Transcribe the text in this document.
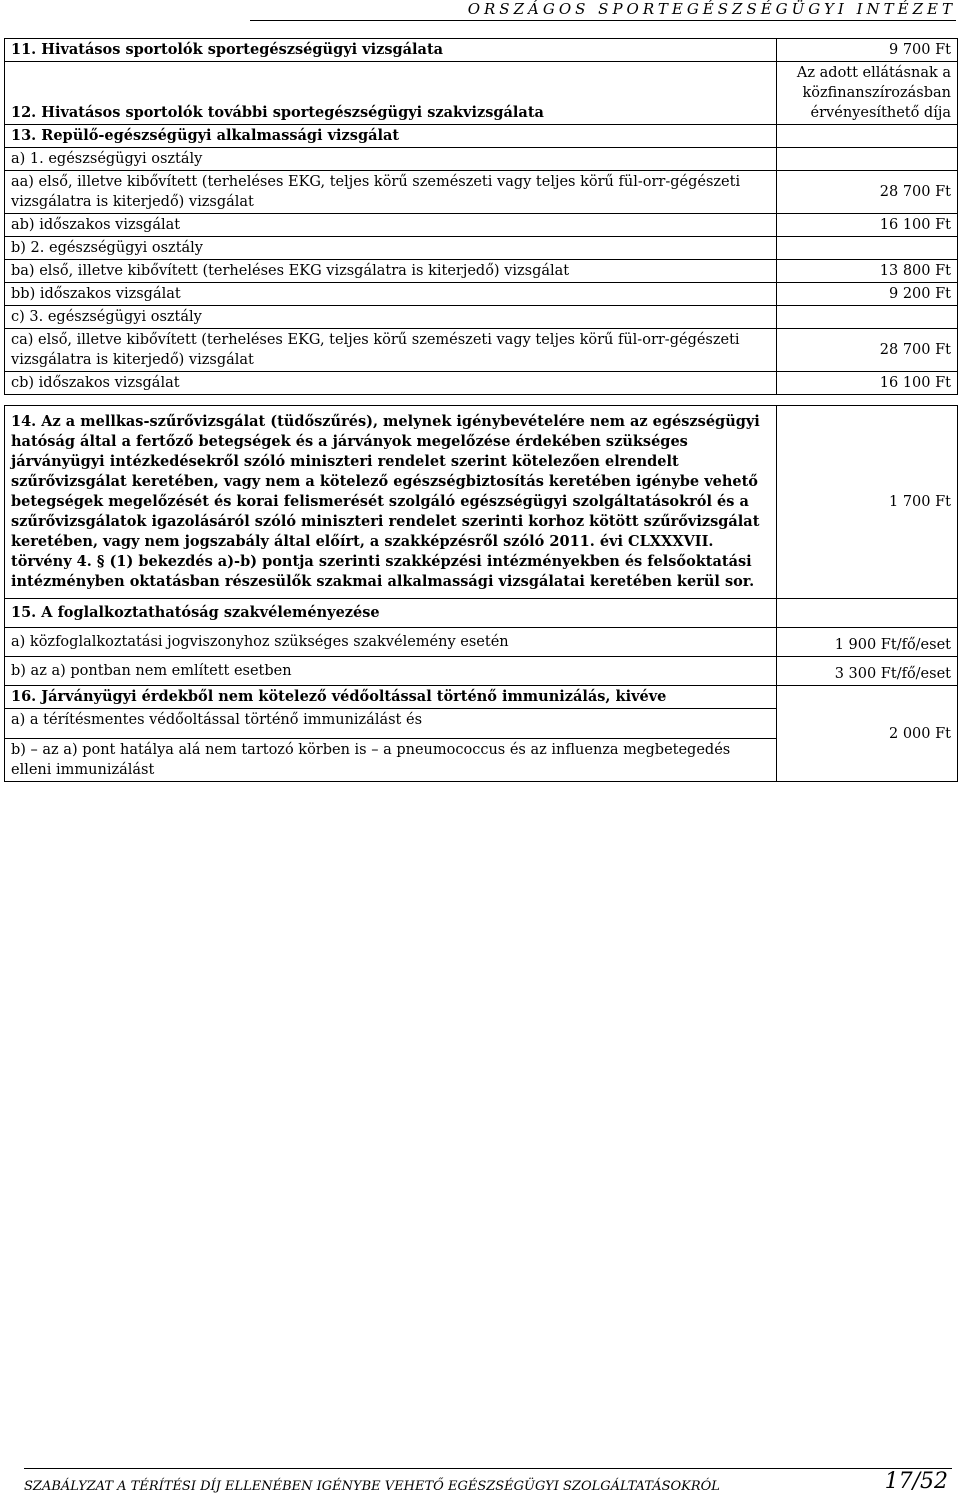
ORSZÁGOS SPORTEGÉSZSÉGÜGYI INTÉZET
11. Hivatásos sportolók sportegészségügyi vizsgálata	9 700 Ft
12. Hivatásos sportolók további sportegészségügyi szakvizsgálata	Az adott ellátásnak a közfinanszírozásban érvényesíthető díja
13. Repülő-egészségügyi alkalmassági vizsgálat	
a) 1. egészségügyi osztály	
aa) első, illetve kibővített (terheléses EKG, teljes körű szemészeti vagy teljes körű fül-orr-gégészeti vizsgálatra is kiterjedő) vizsgálat	28 700 Ft
ab) időszakos vizsgálat	16 100 Ft
b) 2. egészségügyi osztály	
ba) első, illetve kibővített (terheléses EKG vizsgálatra is kiterjedő) vizsgálat	13 800 Ft
bb) időszakos vizsgálat	9 200 Ft
c) 3. egészségügyi osztály	
ca) első, illetve kibővített (terheléses EKG, teljes körű szemészeti vagy teljes körű fül-orr-gégészeti vizsgálatra is kiterjedő) vizsgálat	28 700 Ft
cb) időszakos vizsgálat	16 100 Ft

14. Az a mellkas-szűrővizsgálat (tüdőszűrés), melynek igénybevételére nem az egészségügyi hatóság által a fertőző betegségek és a járványok megelőzése érdekében szükséges járványügyi intézkedésekről szóló miniszteri rendelet szerint kötelezően elrendelt szűrővizsgálat keretében, vagy nem a kötelező egészségbiztosítás keretében igénybe vehető betegségek megelőzését és korai felismerését szolgáló egészségügyi szolgáltatásokról és a szűrővizsgálatok igazolásáról szóló miniszteri rendelet szerinti korhoz kötött szűrővizsgálat keretében, vagy nem jogszabály által előírt, a szakképzésről szóló 2011. évi CLXXXVII. törvény 4. § (1) bekezdés a)-b) pontja szerinti szakképzési intézményekben és felsőoktatási intézményben oktatásban részesülők szakmai alkalmassági vizsgálatai keretében kerül sor.	1 700 Ft
15. A foglalkoztathatóság szakvéleményezése	
a) közfoglalkoztatási jogviszonyhoz szükséges szakvélemény esetén	1 900 Ft/fő/eset
b) az a) pontban nem említett esetben	3 300 Ft/fő/eset
16. Járványügyi érdekből nem kötelező védőoltással történő immunizálás, kivéve	2 000 Ft
a) a térítésmentes védőoltással történő immunizálást és	
b) – az a) pont hatálya alá nem tartozó körben is – a pneumococcus és az influenza megbetegedés elleni immunizálást	
SZABÁLYZAT A TÉRÍTÉSI DÍJ ELLENÉBEN IGÉNYBE VEHETŐ EGÉSZSÉGÜGYI SZOLGÁLTATÁSOKRÓL	17/52
